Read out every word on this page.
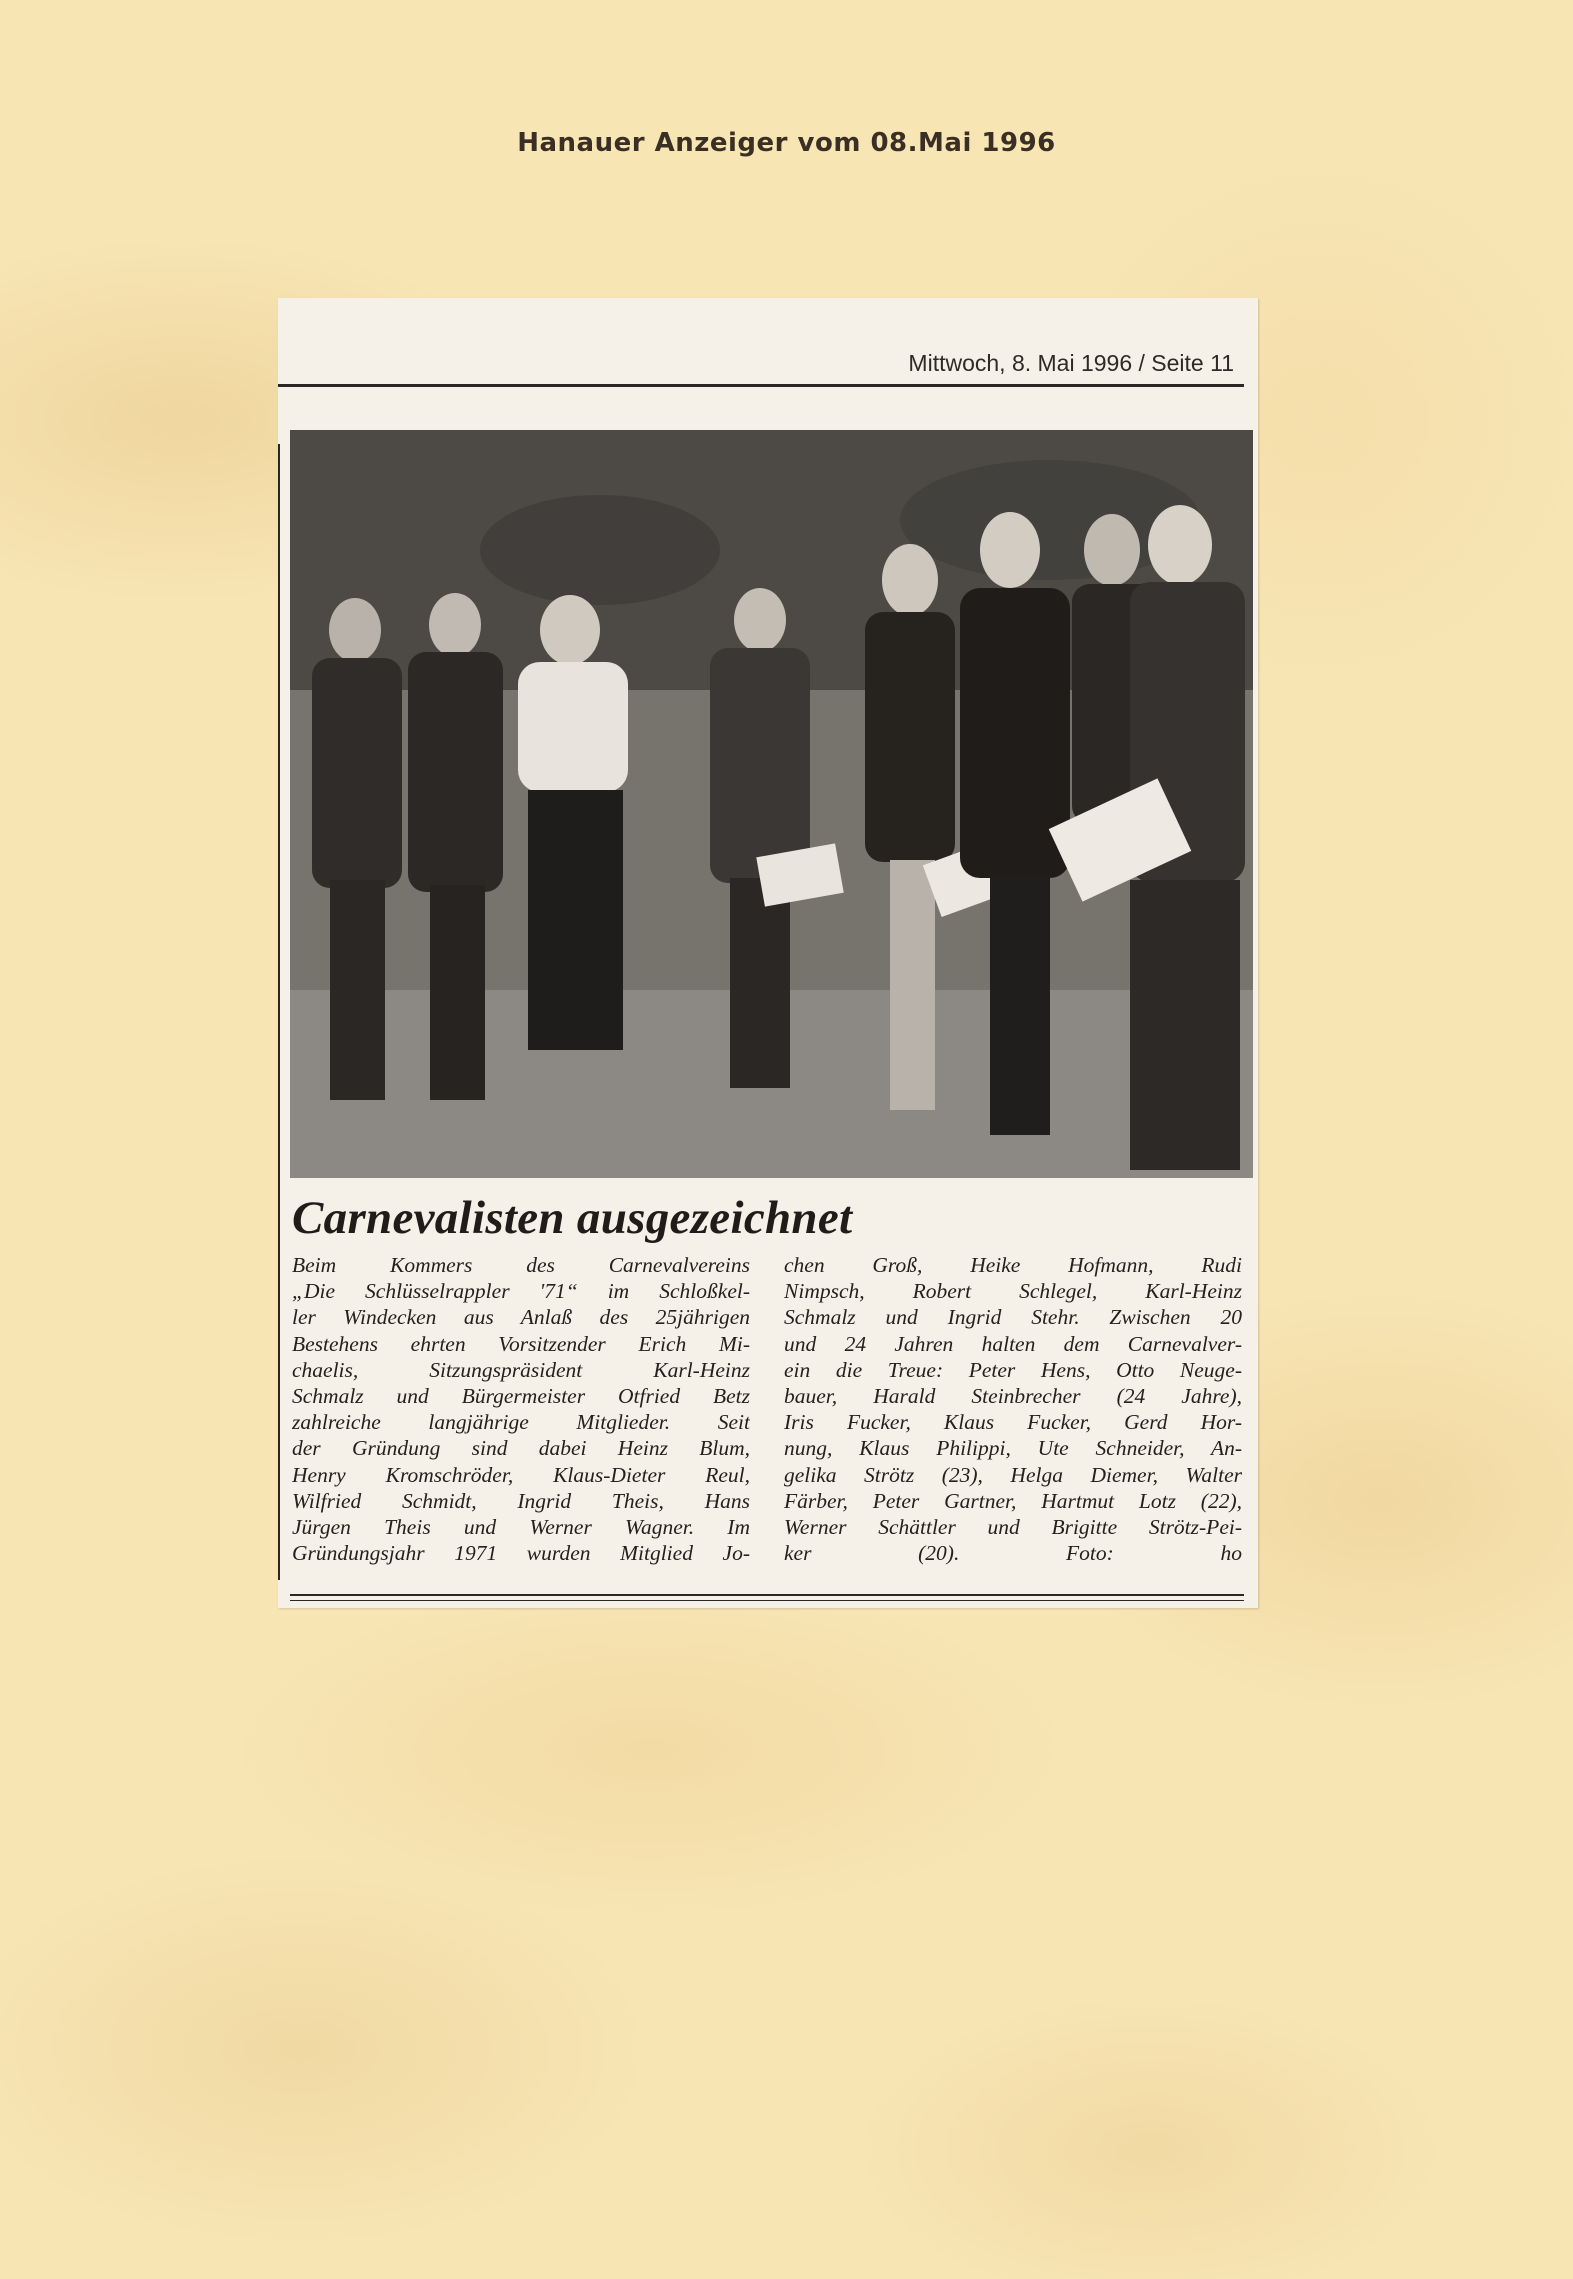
Hanauer Anzeiger vom 08.Mai 1996
Mittwoch, 8. Mai 1996 / Seite 11
Carnevalisten ausgezeichnet
Beim Kommers des Carnevalvereins
„Die Schlüsselrappler '71“ im Schloßkel-
ler Windecken aus Anlaß des 25jährigen
Bestehens ehrten Vorsitzender Erich Mi-
chaelis, Sitzungspräsident Karl-Heinz
Schmalz und Bürgermeister Otfried Betz
zahlreiche langjährige Mitglieder. Seit
der Gründung sind dabei Heinz Blum,
Henry Kromschröder, Klaus-Dieter Reul,
Wilfried Schmidt, Ingrid Theis, Hans
Jürgen Theis und Werner Wagner. Im
Gründungsjahr 1971 wurden Mitglied Jo-
chen Groß, Heike Hofmann, Rudi
Nimpsch, Robert Schlegel, Karl-Heinz
Schmalz und Ingrid Stehr. Zwischen 20
und 24 Jahren halten dem Carnevalver-
ein die Treue: Peter Hens, Otto Neuge-
bauer, Harald Steinbrecher (24 Jahre),
Iris Fucker, Klaus Fucker, Gerd Hor-
nung, Klaus Philippi, Ute Schneider, An-
gelika Strötz (23), Helga Diemer, Walter
Färber, Peter Gartner, Hartmut Lotz (22),
Werner Schättler und Brigitte Strötz-Pei-
ker (20).	Foto: ho
